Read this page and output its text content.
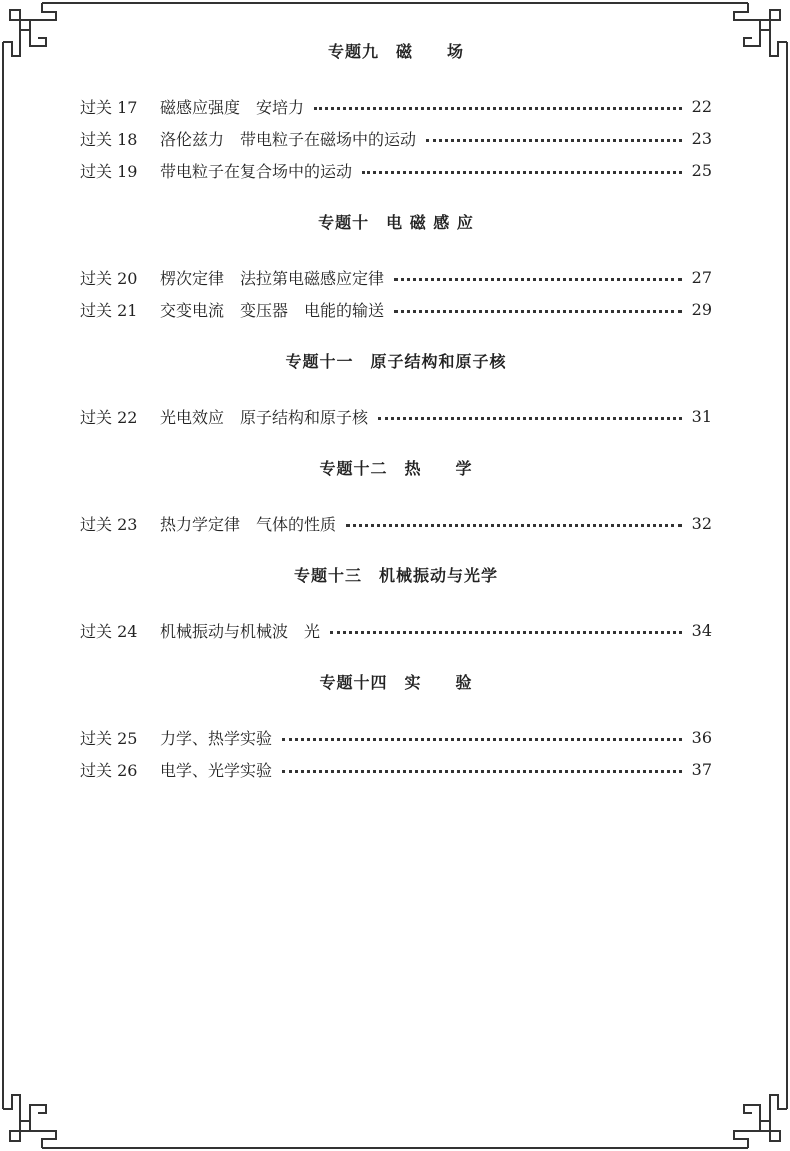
专题九　磁　　场
过关 17	磁感应强度　安培力	22
过关 18	洛伦兹力　带电粒子在磁场中的运动	23
过关 19	带电粒子在复合场中的运动	25
专题十　电 磁 感 应
过关 20	楞次定律　法拉第电磁感应定律	27
过关 21	交变电流　变压器　电能的输送	29
专题十一　原子结构和原子核
过关 22	光电效应　原子结构和原子核	31
专题十二　热　　学
过关 23	热力学定律　气体的性质	32
专题十三　机械振动与光学
过关 24	机械振动与机械波　光	34
专题十四　实　　验
过关 25	力学、热学实验	36
过关 26	电学、光学实验	37
